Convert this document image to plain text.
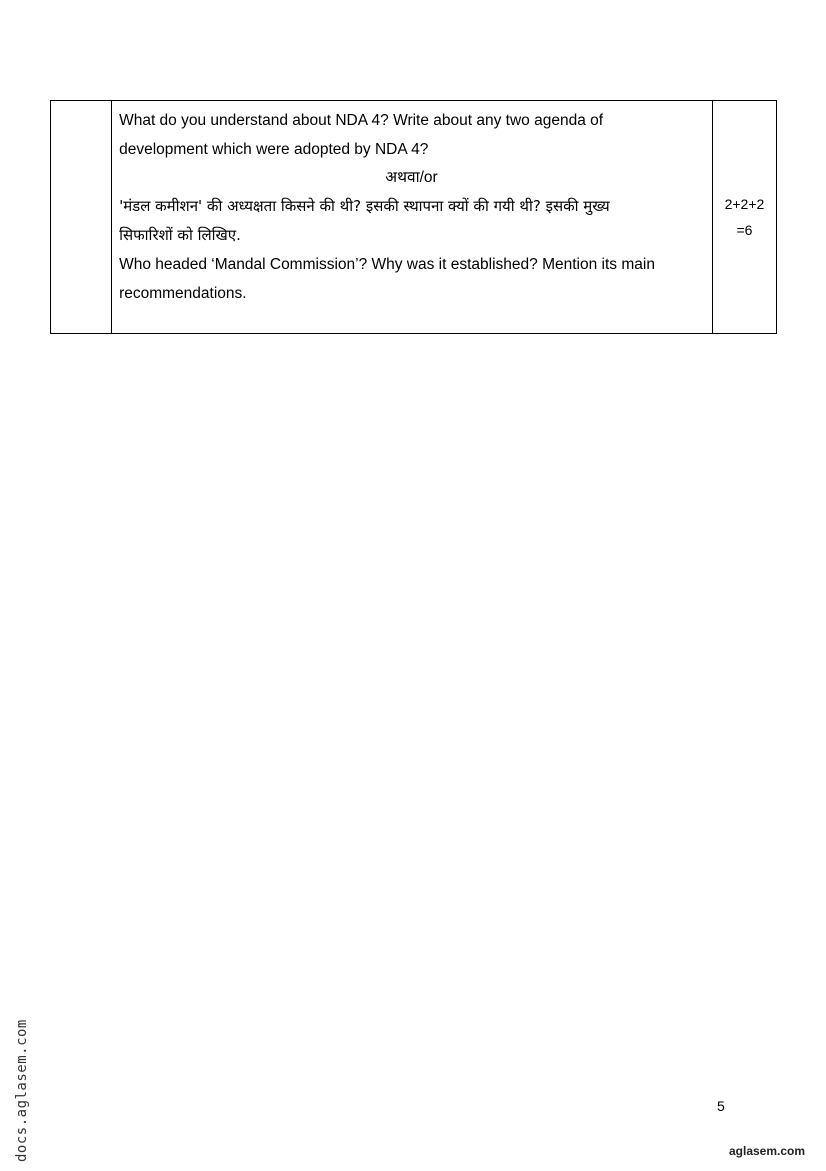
What do you understand about NDA 4? Write about any two agenda of

development which were adopted by NDA 4?

अथवा/or

'मंडल कमीशन' की अध्यक्षता किसने की थी? इसकी स्थापना क्यों की गयी थी? इसकी मुख्य

सिफारिशों को लिखिए.

Who headed ‘Mandal Commission’? Why was it established? Mention its main

recommendations.

2+2+2
=6
5
docs.aglasem.com	aglasem.com
